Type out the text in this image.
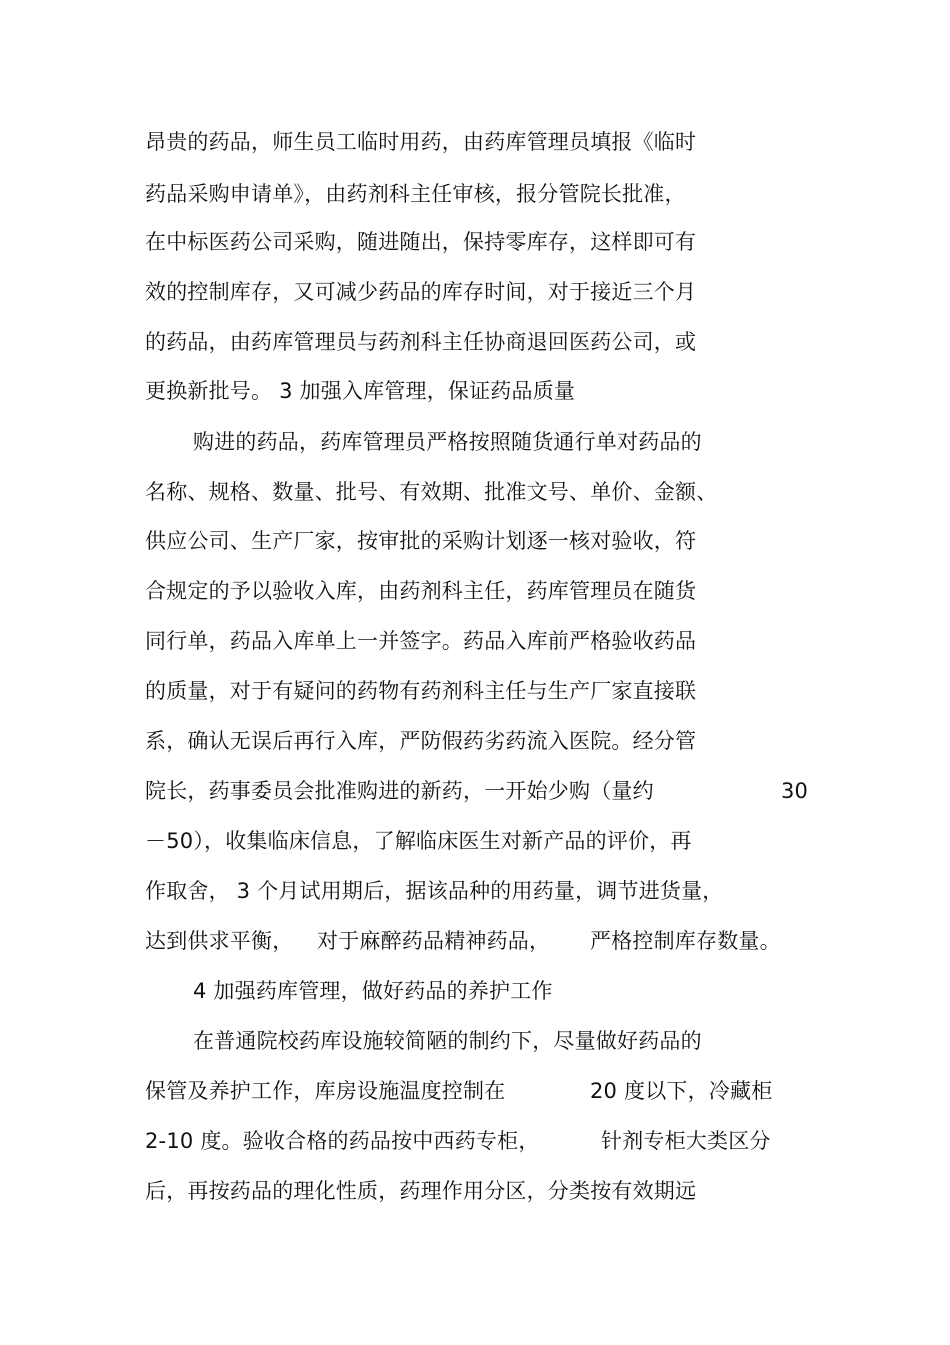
昂贵的药品，师生员工临时用药，由药库管理员填报《临时
药品采购申请单》，由药剂科主任审核，报分管院长批准，
在中标医药公司采购，随进随出，保持零库存，这样即可有
效的控制库存，又可减少药品的库存时间，对于接近三个月
的药品，由药库管理员与药剂科主任协商退回医药公司，或
更换新批号。 3 加强入库管理，保证药品质量
购进的药品，药库管理员严格按照随货通行单对药品的
名称、规格、数量、批号、有效期、批准文号、单价、金额、
供应公司、生产厂家，按审批的采购计划逐一核对验收，符
合规定的予以验收入库，由药剂科主任，药库管理员在随货
同行单，药品入库单上一并签字。药品入库前严格验收药品
的质量，对于有疑问的药物有药剂科主任与生产厂家直接联
系，确认无误后再行入库，严防假药劣药流入医院。经分管
院长，药事委员会批准购进的新药，一开始少购（量约	30
－50），收集临床信息，了解临床医生对新产品的评价，再
作取舍， 3 个月试用期后，据该品种的用药量，调节进货量，
达到供求平衡， 对于麻醉药品精神药品， 严格控制库存数量。
4 加强药库管理，做好药品的养护工作
在普通院校药库设施较简陋的制约下，尽量做好药品的
保管及养护工作，库房设施温度控制在	20 度以下，冷藏柜
2-10 度。验收合格的药品按中西药专柜，	针剂专柜大类区分
后，再按药品的理化性质，药理作用分区，分类按有效期远
